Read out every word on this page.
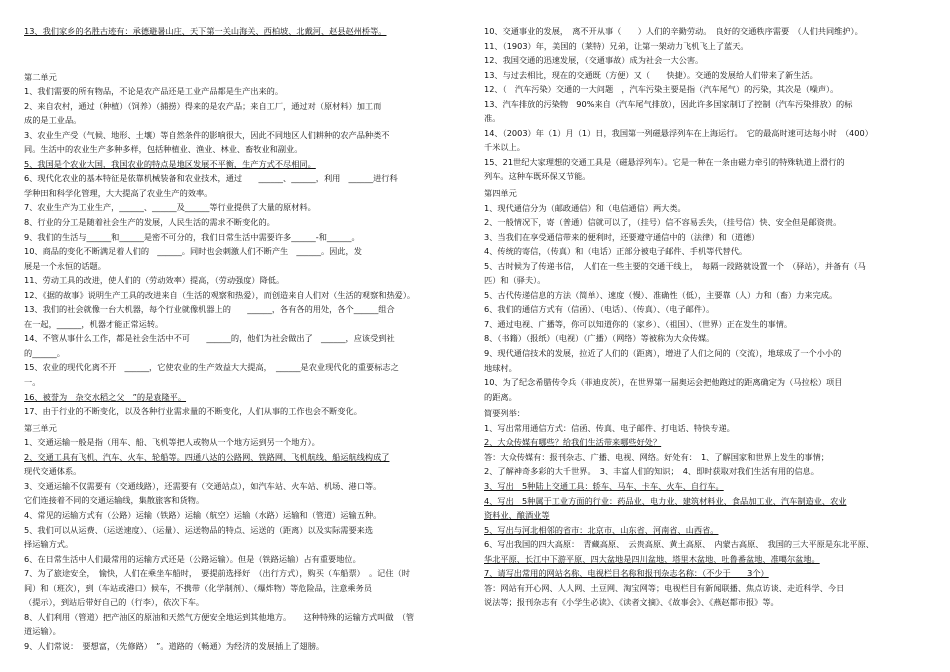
13、我们家乡的名胜古迹有：承德避暑山庄、天下第一关山海关、西柏坡、北戴河、赵县赵州桥等。

第二单元

1、我们需要的所有物品，不论是农产品还是工业产品都是生产出来的。

2、来自农村，通过（种植）（饲养）（捕捞）得来的是农产品；来自工厂，通过对（原材料）加工而

成的是工业品。

3、农业生产受（气候、地形、土壤）等自然条件的影响很大，因此不同地区人们耕种的农产品种类不

同。生活中的农业生产多种多样，包括种植业、渔业、林业、畜牧业和副业。

5、我国是个农业大国，我国农业的特点是地区发展不平衡，生产方式不尽相同。

6、现代化农业的基本特征是依靠机械装备和农业技术，通过　　______、______，利用　______进行科

学种田和科学化管理，大大提高了农业生产的效率。

7、农业生产为工业生产，______、______及______等行业提供了大量的原材料。

8、行业的分工是随着社会生产的发展，人民生活的需求不断变化的。

9、我们的生活与______和______是密不可分的，我们日常生活中需要许多______-和______。

10、商品的变化不断满足着人们的　______。同时也会刺激人们不断产生　______。因此，发

展是一个永恒的话题。

11、劳动工具的改进，使人们的（劳动效率）提高，（劳动强度）降低。

12、《据的故事》说明生产工具的改进来自（生活的观察和热爱），而创造来自人们对（生活的观察和热爱）。

13、我们的社会就像一台大机器，每个行业就像机器上的　　______，各有各的用处，各个______组合

在一起，______，机器才能正常运转。

14、不管从事什么工作，都是社会生活中不可　　______的，他们为社会做出了　______，应该受到社

的______。

15、农业的现代化离不开　______，它使农业的生产效益大大提高，　______是农业现代化的重要标志之

一。

16、被誉为　杂交水稻之父　”的是袁隆平。

17、由于行业的不断变化，以及各种行业需求量的不断变化，人们从事的工作也会不断变化。

第三单元

1、交通运输一般是指（用车、船、飞机等把人或物从一个地方运到另一个地方）。

2、交通工具有飞机、汽车、火车、轮船等。四通八达的公路网、铁路网、飞机航线、船运航线构成了

现代交通体系。

3、交通运输不仅需要有（交通线路），还需要有（交通站点），如汽车站、火车站、机场、港口等。

它们连接着不同的交通运输线，集散旅客和货物。

4、常见的运输方式有（公路）运输（铁路）运输（航空）运输（水路）运输和（管道）运输五种。

5、我们可以从运费、（运送速度）、（运量）、运送物品的特点、运送的（距离）以及实际需要来选

择运输方式。

6、在日常生活中人们最常用的运输方式还是（公路运输）。但是（铁路运输）占有重要地位。

7、为了旅途安全，　愉快，人们在乘坐车船时，　要提前选择好　（出行方式），购买（车船票）　。记住（时

间）和（班次），到（车站或港口）候车，不携带（化学制剂）、（爆炸物）等危险品，注意乘务员

（提示），到站后带好自己的（行李），依次下车。

8、人们利用（管道）把产油区的原油和天然气方便安全地运到其他地方。　　这种特殊的运输方式叫做　（管

道运输）。

9、人们常说：　要想富，（先修路）　”。道路的（畅通）为经济的发展插上了翅膀。

10、交通事业的发展，　离不开从事（　　）人们的辛勤劳动。　良好的交通秩序需要　（人们共同维护）。

11、（1903）年，美国的（莱特）兄弟，让第一架动力飞机飞上了蓝天。

12、我国交通的迅速发展，（交通事故）成为社会一大公害。

13、与过去相比，现在的交通既（方便）又（　　快捷）。交通的发展给人们带来了新生活。

12、（　汽车污染）交通的一大问题　，汽车污染主要是指（汽车尾气）的污染，其次是（噪声）。

13、汽车排放的污染物　90%来自（汽车尾气排放），因此许多国家制订了控制（汽车污染排放）的标

准。

14、（2003）年（1）月（1）日，我国第一列磁悬浮列车在上海运行。　它的最高时速可达每小时　（400）

千米以上。

15、21世纪大家理想的交通工具是（磁悬浮列车）。它是一种在一条由磁力牵引的特殊轨道上滑行的

列车。这种车既环保又节能。

第四单元

1、现代通信分为（邮政通信）和（电信通信）两大类。

2、一般情况下，寄（普通）信就可以了，（挂号）信不容易丢失，（挂号信）快、安全但是邮资贵。

3、当我们在享受通信带来的便利时，还要遵守通信中的（法律）和（道德）

4、传统的寄信，（传真）和（电话）正部分被电子邮件、手机等代替代。

5、古时候为了传递书信，　人们在一些主要的交通干线上，　每隔一段路就设置一个　（驿站），并备有（马

匹）和（驿夫）。

5、古代传递信息的方法（简单）、速度（慢）、准确性（低），主要靠（人）力和（畜）力来完成。

6、我们的通信方式有（信函）、（电话）、（传真）、（电子邮件）。

7、通过电视、广播等，你可以知道你的（家乡）、（祖国）、（世界）正在发生的事情。

8、（书籍）（报纸）（电视）（广播）（网络）等被称为大众传媒。

9、现代通信技术的发展，拉近了人们的（距离），增进了人们之间的（交流），地球成了一个小小的

地球村。

10、为了纪念希腊传令兵（菲迪皮茨），在世界第一届奥运会把他跑过的距离确定为（马拉松）项目

的距离。

简要列举：

1、写出常用通信方式：信函、传真、电子邮件、打电话、特快专递。

2、大众传媒有哪些？给我们生活带来哪些好处？

答：大众传媒有：报刊杂志、广播、电视、网络。好处有：　1、了解国家和世界上发生的事情；

2、了解神奇多彩的大千世界。　3、丰富人们的知识；　4、即时获取对我们生活有用的信息。

3、写出　5种陆上交通工具：轿车、马车、卡车、火车、自行车。

4、写出　5种属于工业方面的行业：药品业、电力业、建筑材料业、食品加工业、汽车制造业、农业

资料业、酿酒业等

5、写出与河北相邻的省市：北京市、山东省、河南省、山西省。

6、写出我国的四大高原：　青藏高原、　云贵高原、黄土高原、　内蒙古高原、　我国的三大平原是东北平原、

华北平原、长江中下游平原、四大盆地是四川盆地、塔里木盆地、吐鲁番盆地、准噶尔盆地。

7、请写出常用的网站名称、电视栏目名称和报刊杂志名称：（不少于　　3个）

答：网站有开心网、人人网、土豆网、淘宝网等；电视栏目有新闻联播、焦点访谈、走近科学、今日

说法等；报刊杂志有《小学生必读》、《读者文摘》、《故事会》、《燕赵都市报》等。
